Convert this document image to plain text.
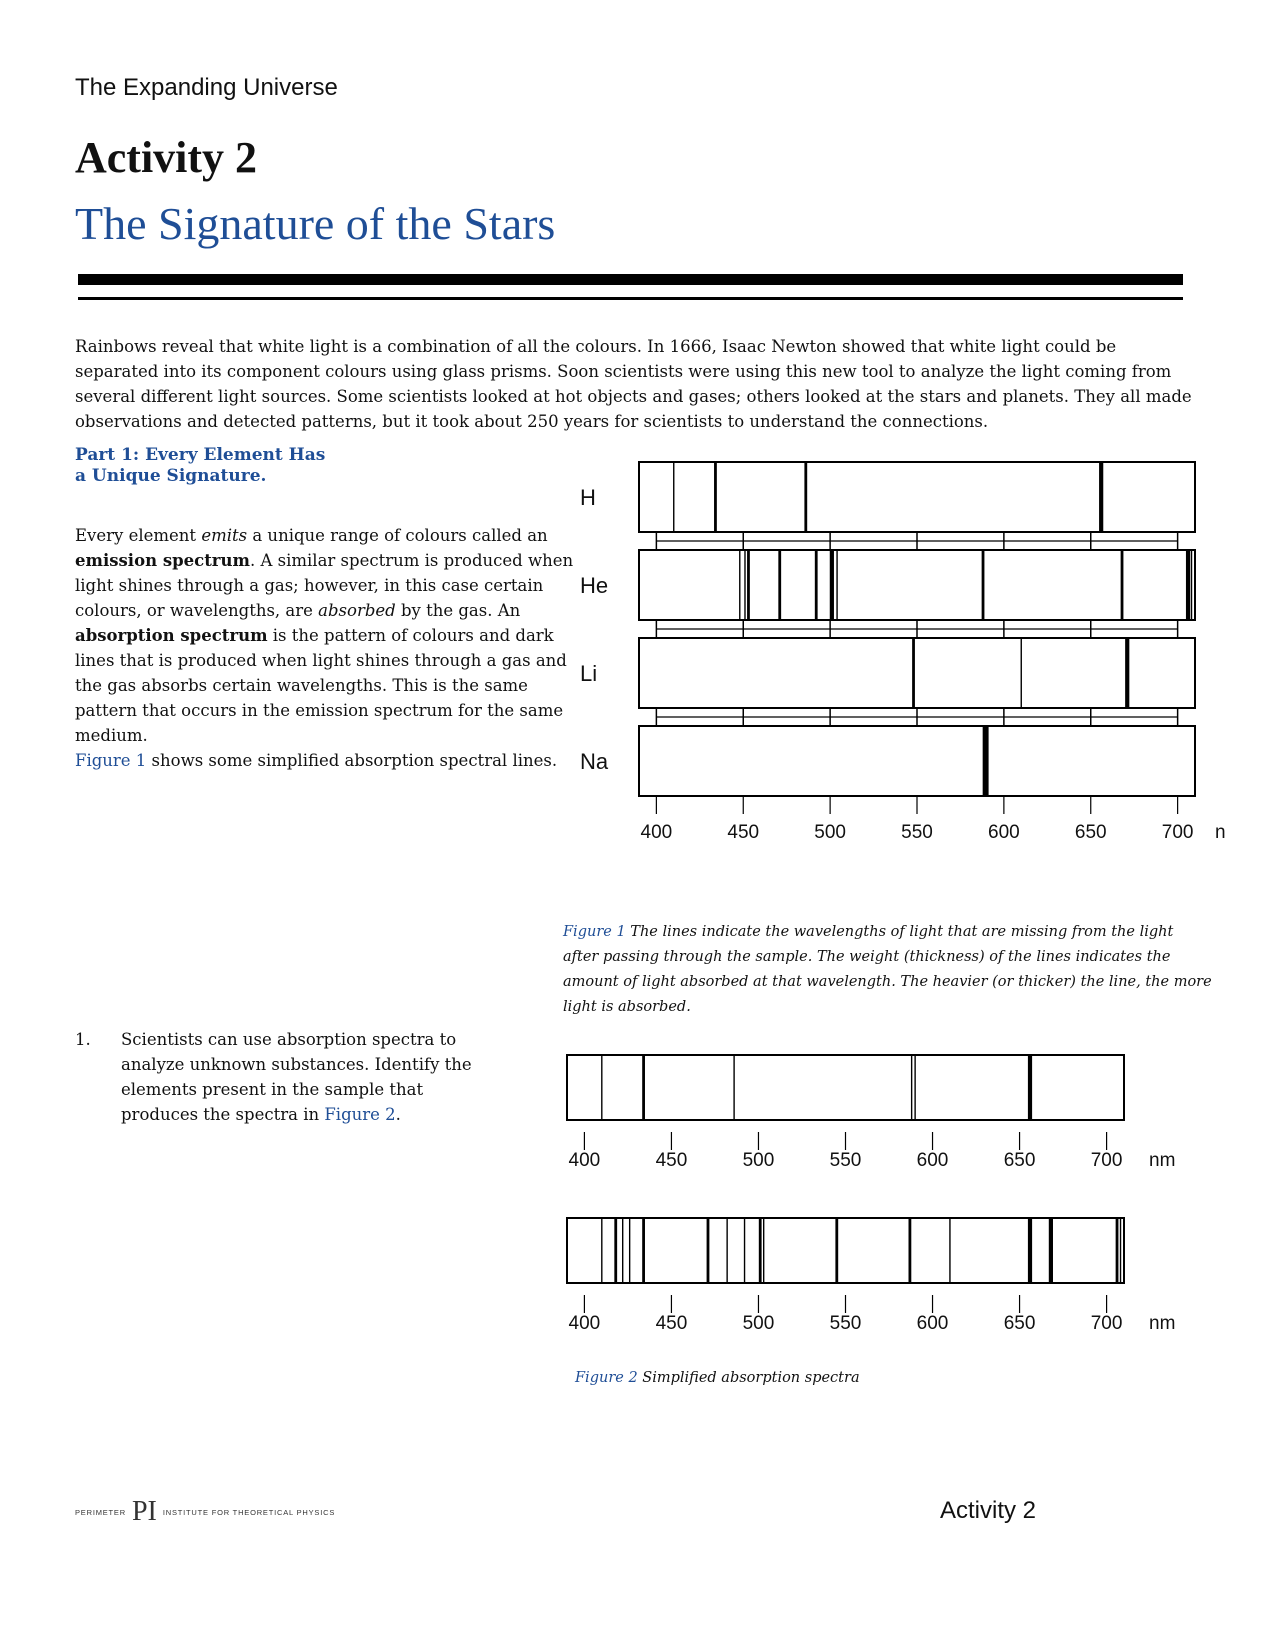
The Expanding Universe
Activity 2
The Signature of the Stars

Rainbows reveal that white light is a combination of all the colours. In 1666, Isaac Newton showed that white light could be separated into its component colours using glass prisms. Soon scientists were using this new tool to analyze the light coming from several different light sources. Some scientists looked at hot objects and gases; others looked at the stars and planets. They all made observations and detected patterns, but it took about 250 years for scientists to understand the connections.

Part 1: Every Element Has
a Unique Signature.

Every element emits a unique range of colours called an emission spectrum. A similar spectrum is produced when light shines through a gas; however, in this case certain colours, or wavelengths, are absorbed by the gas. An absorption spectrum is the pattern of colours and dark lines that is produced when light shines through a gas and the gas absorbs certain wavelengths. This is the same pattern that occurs in the emission spectrum for the same medium.
Figure 1 shows some simplified absorption spectral lines.

H
He
Li
Na
400	450	500	550	600	650	700 n
Figure 1 The lines indicate the wavelengths of light that are missing from the light after passing through the sample. The weight (thickness) of the lines indicates the amount of light absorbed at that wavelength. The heavier (or thicker) the line, the more light is absorbed.
1. Scientists can use absorption spectra to analyze unknown substances. Identify the elements present in the sample that produces the spectra in Figure 2.
400	450	500	550	600	650	700 nm
400	450	500	550	600	650	700 nm
Figure 2 Simplified absorption spectra
PERIMETER PI INSTITUTE FOR THEORETICAL PHYSICS	Activity 2
